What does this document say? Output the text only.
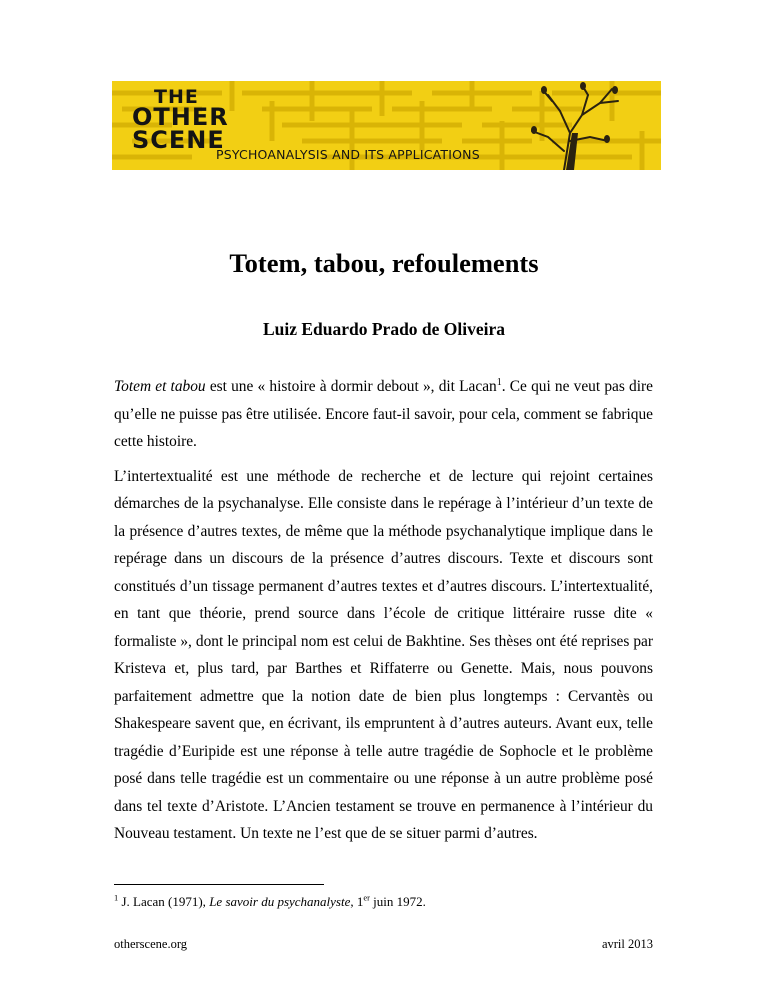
THE
OTHER
SCENE
PSYCHOANALYSIS AND ITS APPLICATIONS
Totem, tabou, refoulements
Luiz Eduardo Prado de Oliveira

Totem et tabou est une « histoire à dormir debout », dit Lacan$^1$. Ce qui ne veut pas dire qu’elle ne puisse pas être utilisée. Encore faut-il savoir, pour cela, comment se fabrique cette histoire.

L’intertextualité est une méthode de recherche et de lecture qui rejoint certaines démarches de la psychanalyse. Elle consiste dans le repérage à l’intérieur d’un texte de la présence d’autres textes, de même que la méthode psychanalytique implique dans le repérage dans un discours de la présence d’autres discours. Texte et discours sont constitués d’un tissage permanent d’autres textes et d’autres discours. L’intertextualité, en tant que théorie, prend source dans l’école de critique littéraire russe dite « formaliste », dont le principal nom est celui de Bakhtine. Ses thèses ont été reprises par Kristeva et, plus tard, par Barthes et Riffaterre ou Genette. Mais, nous pouvons parfaitement admettre que la notion date de bien plus longtemps : Cervantès ou Shakespeare savent que, en écrivant, ils empruntent à d’autres auteurs. Avant eux, telle tragédie d’Euripide est une réponse à telle autre tragédie de Sophocle et le problème posé dans telle tragédie est un commentaire ou une réponse à un autre problème posé dans tel texte d’Aristote. L’Ancien testament se trouve en permanence à l’intérieur du Nouveau testament. Un texte ne l’est que de se situer parmi d’autres.

$^1$ J. Lacan (1971), Le savoir du psychanalyste, 1er juin 1972.
otherscene.org	avril 2013
